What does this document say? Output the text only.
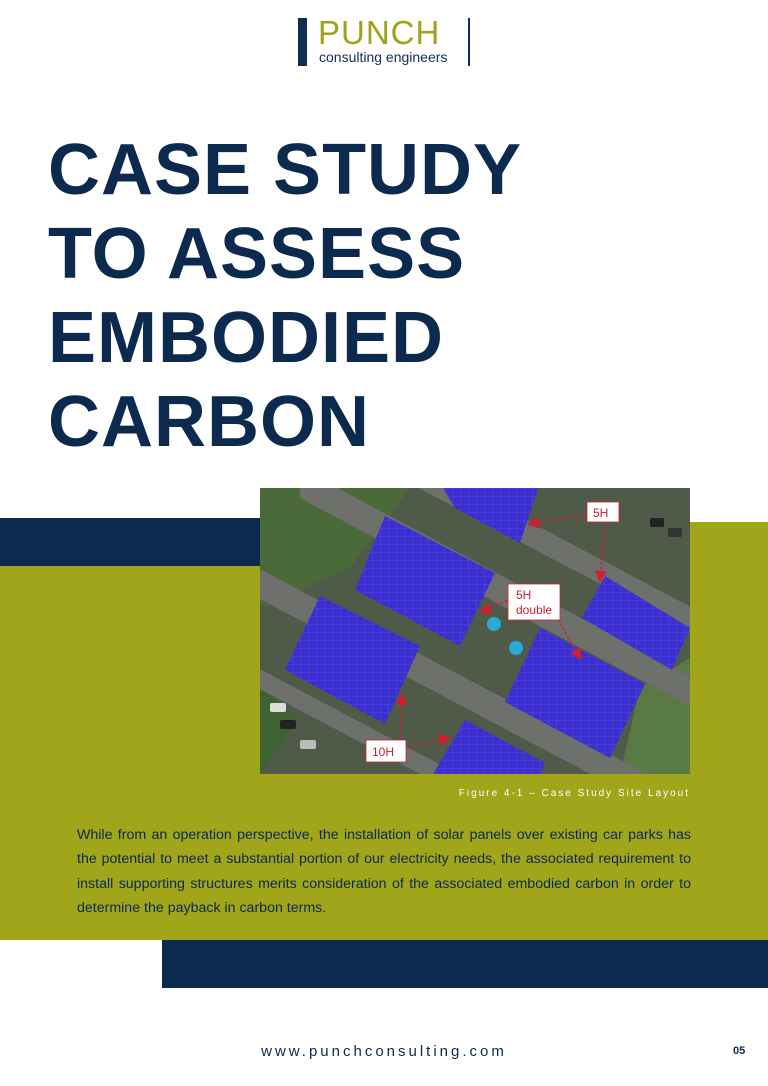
PUNCH
consulting engineers
CASE STUDY
TO ASSESS
EMBODIED
CARBON
5H
5H
double
10H
Figure 4-1 – Case Study Site Layout

While from an operation perspective, the installation of solar panels over existing car parks has the potential to meet a substantial portion of our electricity needs, the associated requirement to install supporting structures merits consideration of the associated embodied carbon in order to determine the payback in carbon terms.

www.punchconsulting.com	05
